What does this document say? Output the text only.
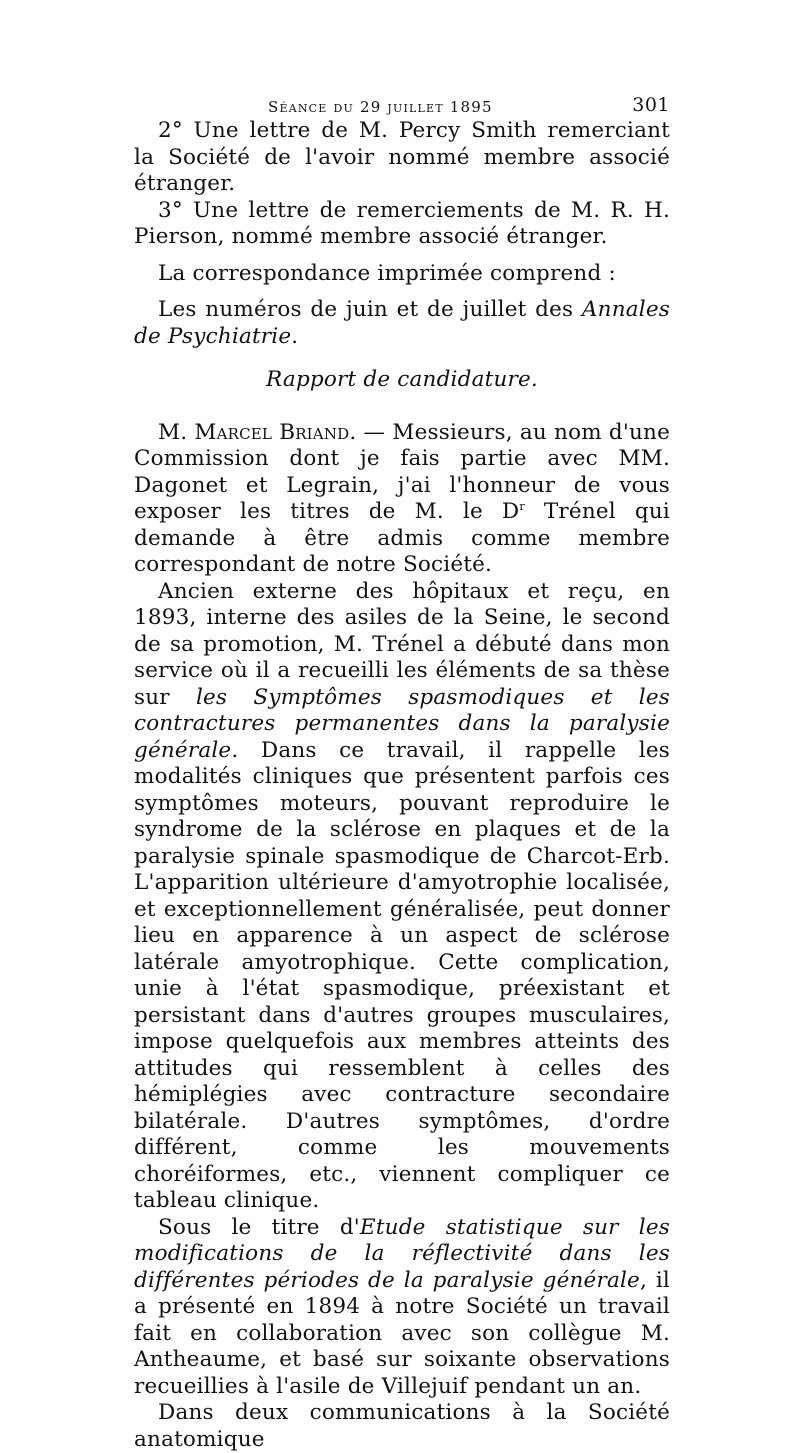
Séance du 29 juillet 1895	301

2° Une lettre de M. Percy Smith remerciant la Société de l'avoir nommé membre associé étranger.

3° Une lettre de remerciements de M. R. H. Pierson, nommé membre associé étranger.

La correspondance imprimée comprend :

Les numéros de juin et de juillet des Annales de Psychiatrie.

Rapport de candidature.

M. Marcel Briand. — Messieurs, au nom d'une Commission dont je fais partie avec MM. Dagonet et Legrain, j'ai l'honneur de vous exposer les titres de M. le $D^r$ Trénel qui demande à être admis comme membre correspondant de notre Société.

Ancien externe des hôpitaux et reçu, en 1893, interne des asiles de la Seine, le second de sa promotion, M. Trénel a débuté dans mon service où il a recueilli les éléments de sa thèse sur les Symptômes spasmodiques et les contractures permanentes dans la paralysie générale. Dans ce travail, il rappelle les modalités cliniques que présentent parfois ces symptômes moteurs, pouvant reproduire le syndrome de la sclérose en plaques et de la paralysie spinale spasmodique de Charcot-Erb. L'apparition ultérieure d'amyotrophie localisée, et exceptionnellement généralisée, peut donner lieu en apparence à un aspect de sclérose latérale amyotrophique. Cette complication, unie à l'état spasmodique, préexistant et persistant dans d'autres groupes musculaires, impose quelquefois aux membres atteints des attitudes qui ressemblent à celles des hémiplégies avec contracture secondaire bilatérale. D'autres symptômes, d'ordre différent, comme les mouvements choréiformes, etc., viennent compliquer ce tableau clinique.

Sous le titre d'Etude statistique sur les modifications de la réflectivité dans les différentes périodes de la paralysie générale, il a présenté en 1894 à notre Société un travail fait en collaboration avec son collègue M. Antheaume, et basé sur soixante observations recueillies à l'asile de Villejuif pendant un an.

Dans deux communications à la Société anatomique
